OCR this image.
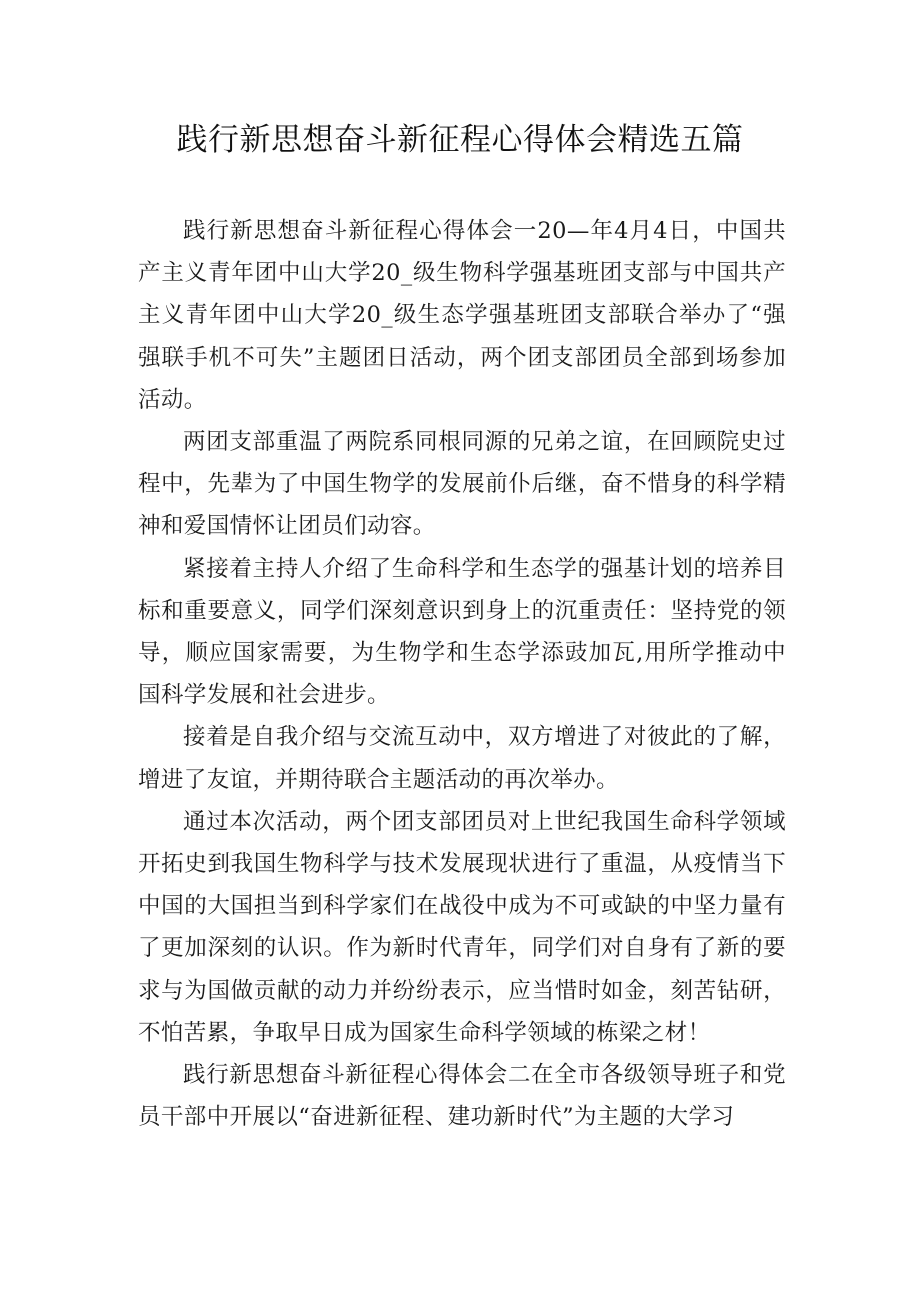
践行新思想奋斗新征程心得体会精选五篇

践行新思想奋斗新征程心得体会一20—年4月4日，中国共产主义青年团中山大学20_级生物科学强基班团支部与中国共产主义青年团中山大学20_级生态学强基班团支部联合举办了“强强联手机不可失”主题团日活动，两个团支部团员全部到场参加活动。

两团支部重温了两院系同根同源的兄弟之谊，在回顾院史过程中，先辈为了中国生物学的发展前仆后继，奋不惜身的科学精神和爱国情怀让团员们动容。

紧接着主持人介绍了生命科学和生态学的强基计划的培养目标和重要意义，同学们深刻意识到身上的沉重责任：坚持党的领导，顺应国家需要，为生物学和生态学添豉加瓦,用所学推动中国科学发展和社会进步。

接着是自我介绍与交流互动中，双方增进了对彼此的了解，增进了友谊，并期待联合主题活动的再次举办。

通过本次活动，两个团支部团员对上世纪我国生命科学领域开拓史到我国生物科学与技术发展现状进行了重温，从疫情当下中国的大国担当到科学家们在战役中成为不可或缺的中坚力量有了更加深刻的认识。作为新时代青年，同学们对自身有了新的要求与为国做贡献的动力并纷纷表示，应当惜时如金，刻苦钻研，不怕苦累，争取早日成为国家生命科学领域的栋梁之材！

践行新思想奋斗新征程心得体会二在全市各级领导班子和党员干部中开展以“奋进新征程、建功新时代”为主题的大学习
